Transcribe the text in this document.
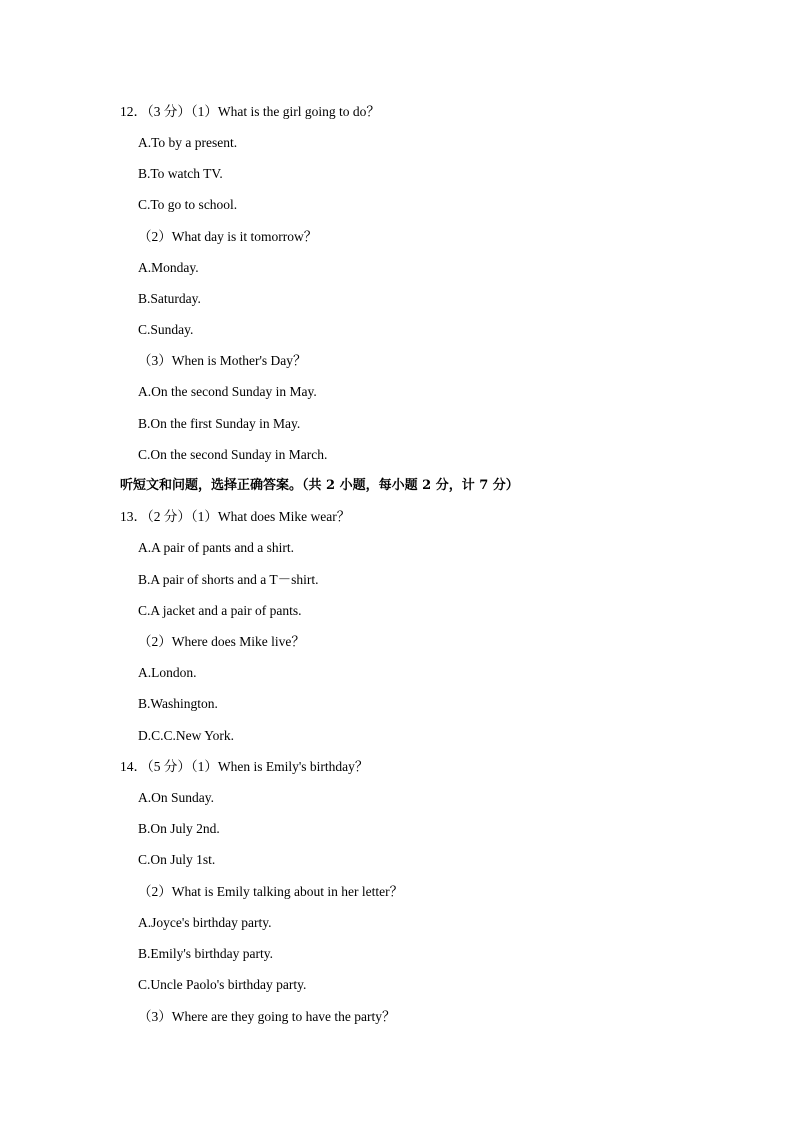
12．（3 分）（1）What is the girl going to do？
A.To by a present.
B.To watch TV.
C.To go to school.
（2）What day is it tomorrow？
A.Monday.
B.Saturday.
C.Sunday.
（3）When is Mother's Day？
A.On the second Sunday in May.
B.On the first Sunday in May.
C.On the second Sunday in March.
听短文和问题，选择正确答案。（共 2 小题，每小题 2 分，计 7 分）
13．（2 分）（1）What does Mike wear？
A.A pair of pants and a shirt.
B.A pair of shorts and a T－shirt.
C.A jacket and a pair of pants.
（2）Where does Mike live？
A.London.
B.Washington.
D.C.C.New York.
14．（5 分）（1）When is Emily's birthday？
A.On Sunday.
B.On July 2nd.
C.On July 1st.
（2）What is Emily talking about in her letter？
A.Joyce's birthday party.
B.Emily's birthday party.
C.Uncle Paolo's birthday party.
（3）Where are they going to have the party？
